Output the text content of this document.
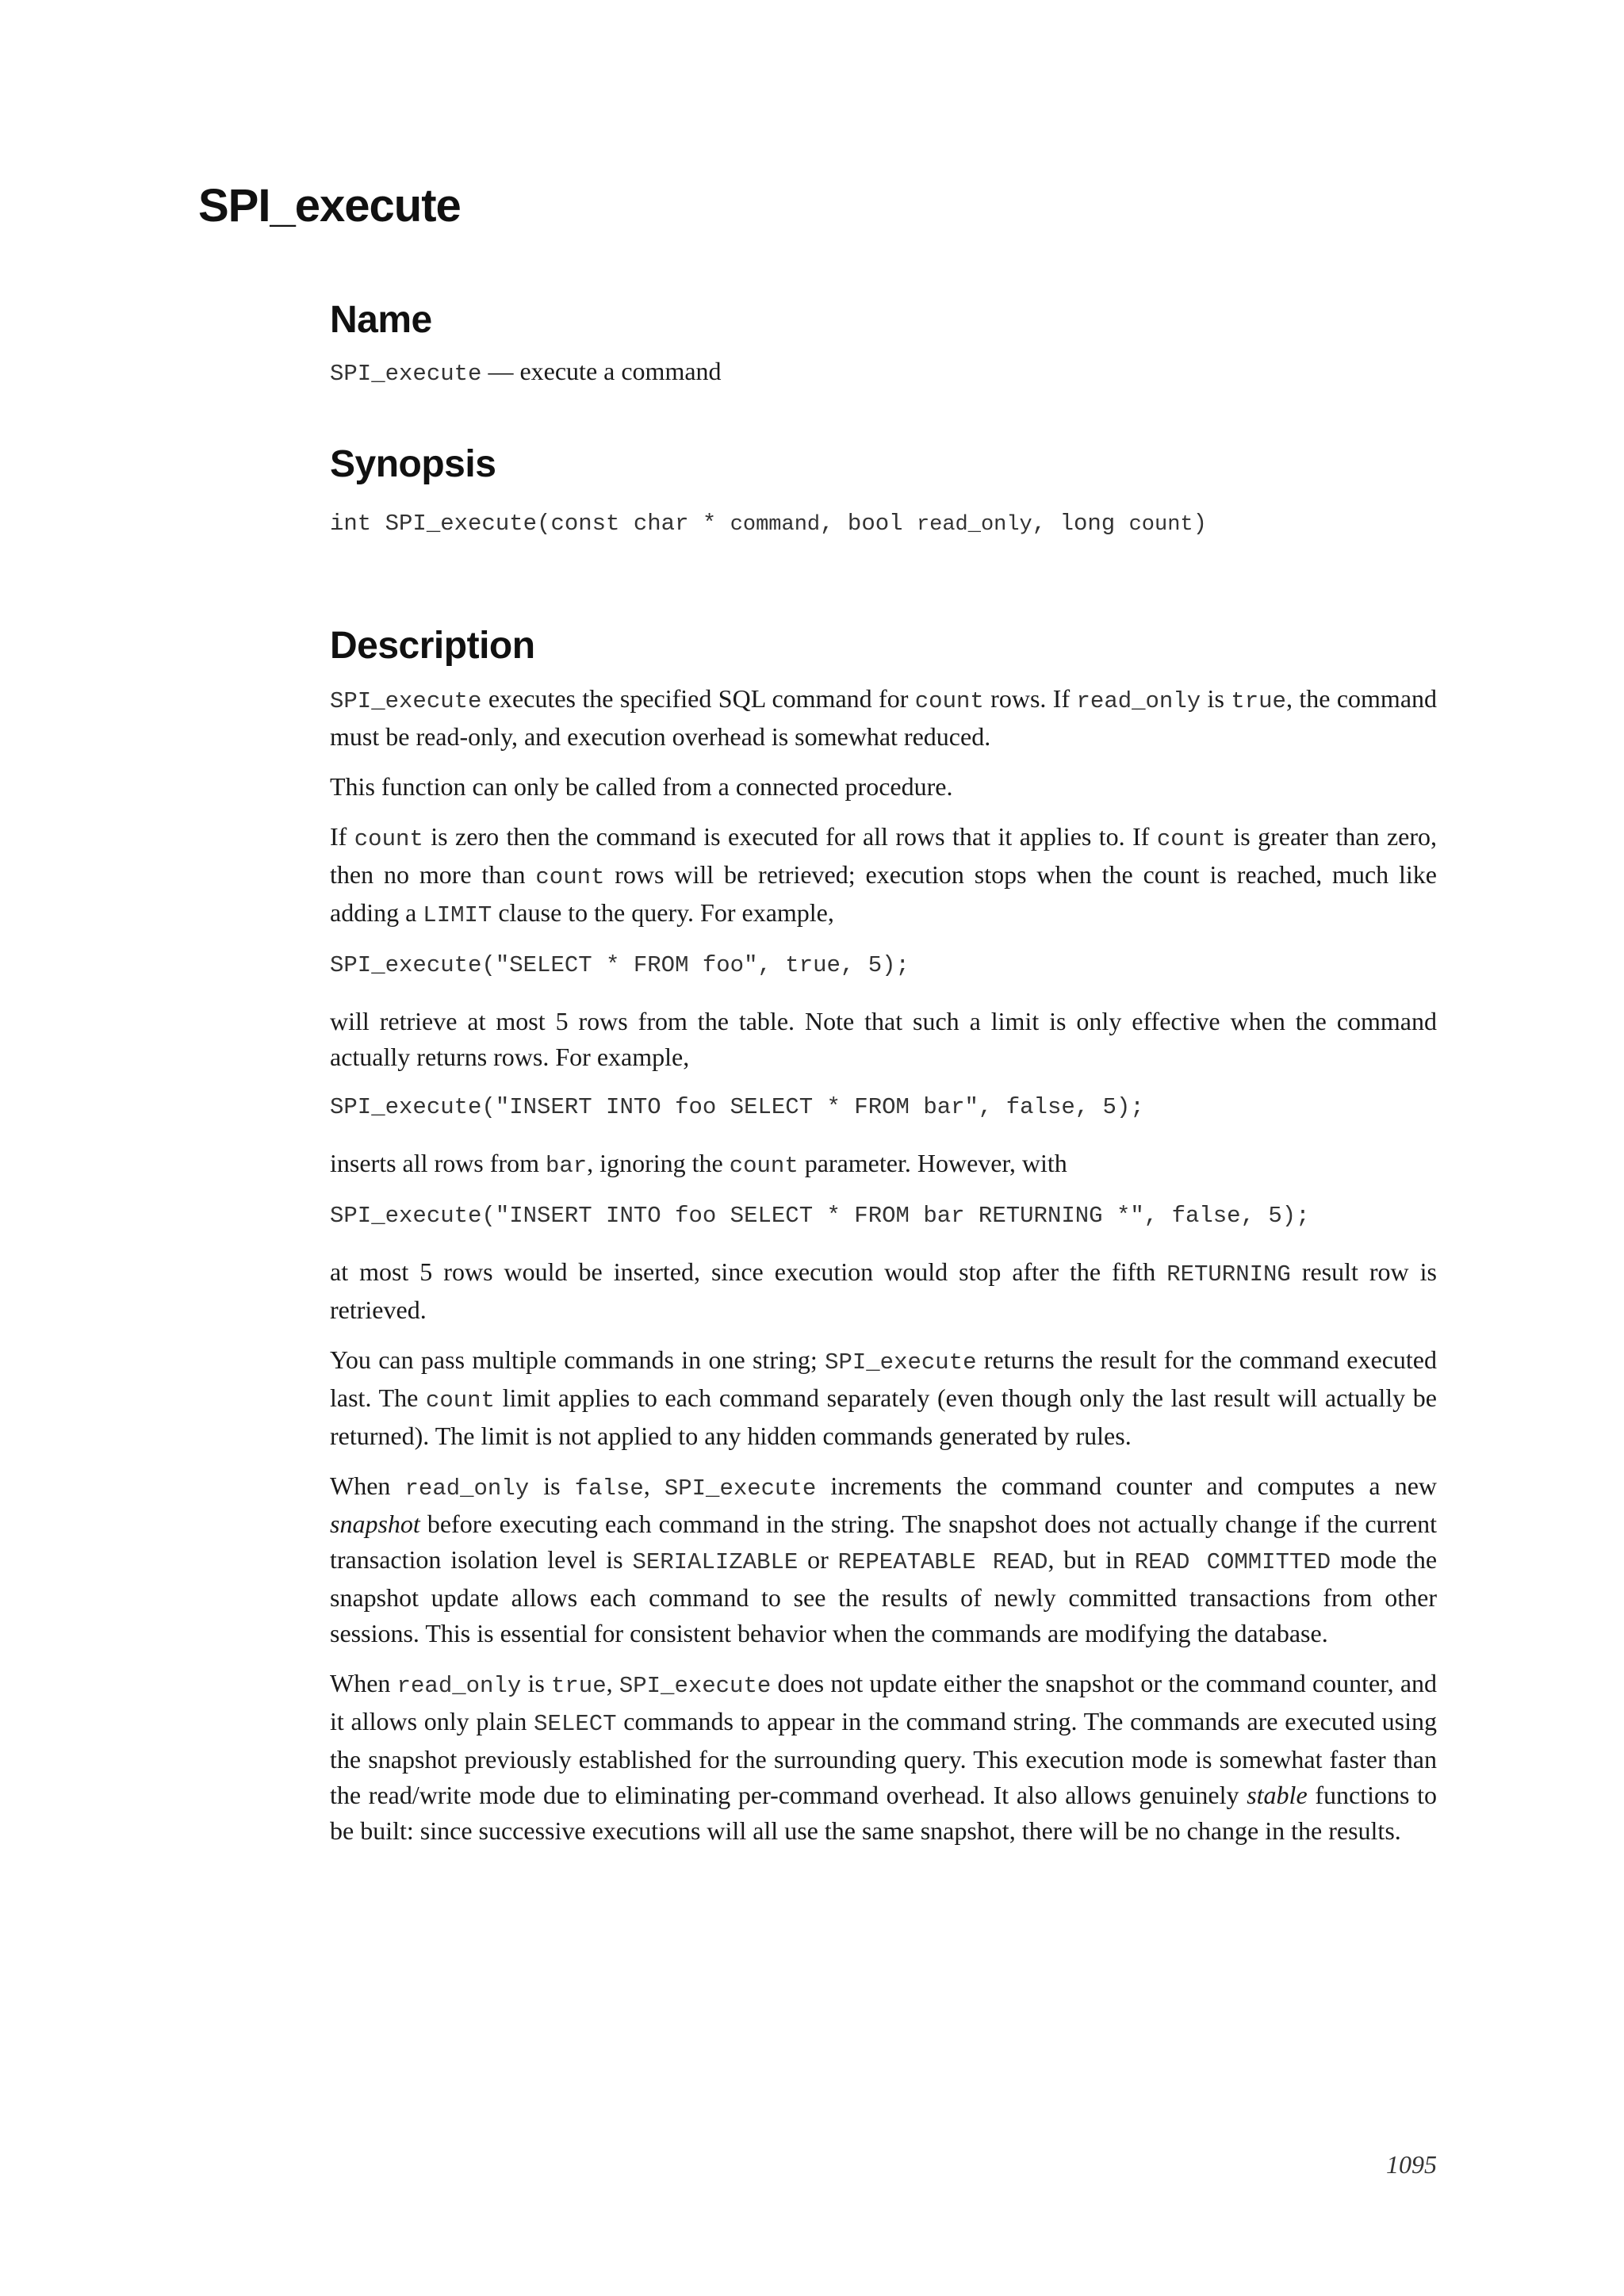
SPI_execute
Name

SPI_execute — execute a command

Synopsis
int SPI_execute(const char * command, bool read_only, long count)
Description

SPI_execute executes the specified SQL command for count rows. If read_only is true, the command must be read-only, and execution overhead is somewhat reduced.

This function can only be called from a connected procedure.

If count is zero then the command is executed for all rows that it applies to. If count is greater than zero, then no more than count rows will be retrieved; execution stops when the count is reached, much like adding a LIMIT clause to the query. For example,

SPI_execute("SELECT * FROM foo", true, 5);

will retrieve at most 5 rows from the table. Note that such a limit is only effective when the command actually returns rows. For example,

SPI_execute("INSERT INTO foo SELECT * FROM bar", false, 5);

inserts all rows from bar, ignoring the count parameter. However, with

SPI_execute("INSERT INTO foo SELECT * FROM bar RETURNING *", false, 5);

at most 5 rows would be inserted, since execution would stop after the fifth RETURNING result row is retrieved.

You can pass multiple commands in one string; SPI_execute returns the result for the command executed last. The count limit applies to each command separately (even though only the last result will actually be returned). The limit is not applied to any hidden commands generated by rules.

When read_only is false, SPI_execute increments the command counter and computes a new snapshot before executing each command in the string. The snapshot does not actually change if the current transaction isolation level is SERIALIZABLE or REPEATABLE READ, but in READ COMMITTED mode the snapshot update allows each command to see the results of newly committed transactions from other sessions. This is essential for consistent behavior when the commands are modifying the database.

When read_only is true, SPI_execute does not update either the snapshot or the command counter, and it allows only plain SELECT commands to appear in the command string. The commands are executed using the snapshot previously established for the surrounding query. This execution mode is somewhat faster than the read/write mode due to eliminating per-command overhead. It also allows genuinely stable functions to be built: since successive executions will all use the same snapshot, there will be no change in the results.

1095
